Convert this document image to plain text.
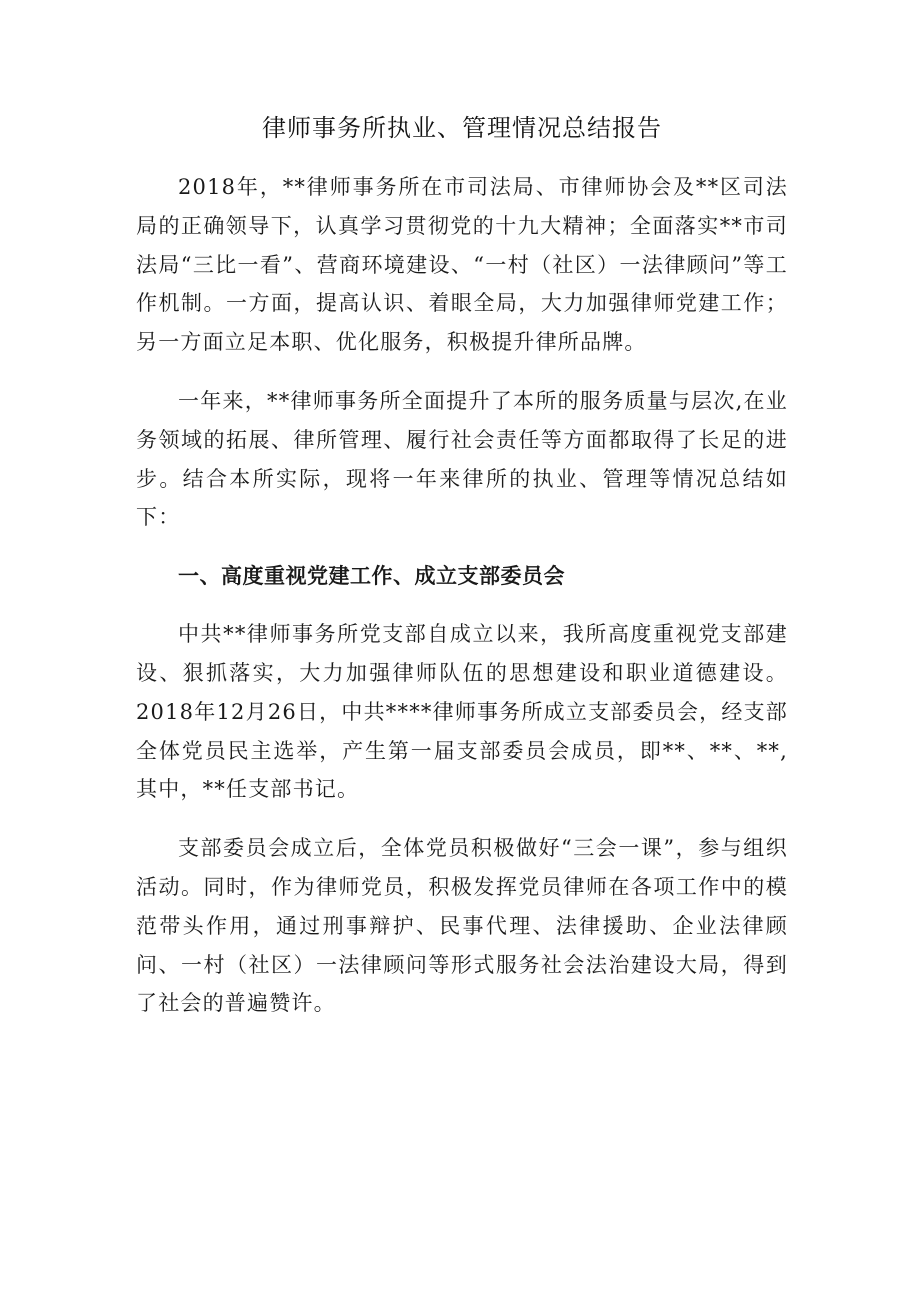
律师事务所执业、管理情况总结报告

2018年，**律师事务所在市司法局、市律师协会及**区司法局的正确领导下，认真学习贯彻党的十九大精神；全面落实**市司法局“三比一看”、营商环境建设、“一村（社区）一法律顾问”等工作机制。一方面，提高认识、着眼全局，大力加强律师党建工作；另一方面立足本职、优化服务，积极提升律所品牌。

一年来，**律师事务所全面提升了本所的服务质量与层次,在业务领域的拓展、律所管理、履行社会责任等方面都取得了长足的进步。结合本所实际，现将一年来律所的执业、管理等情况总结如下：

一、高度重视党建工作、成立支部委员会

中共**律师事务所党支部自成立以来，我所高度重视党支部建设、狠抓落实，大力加强律师队伍的思想建设和职业道德建设。2018年12月26日，中共****律师事务所成立支部委员会，经支部全体党员民主选举，产生第一届支部委员会成员，即**、**、**,其中，**任支部书记。

支部委员会成立后，全体党员积极做好“三会一课”，参与组织活动。同时，作为律师党员，积极发挥党员律师在各项工作中的模范带头作用，通过刑事辩护、民事代理、法律援助、企业法律顾问、一村（社区）一法律顾问等形式服务社会法治建设大局，得到了社会的普遍赞许。
